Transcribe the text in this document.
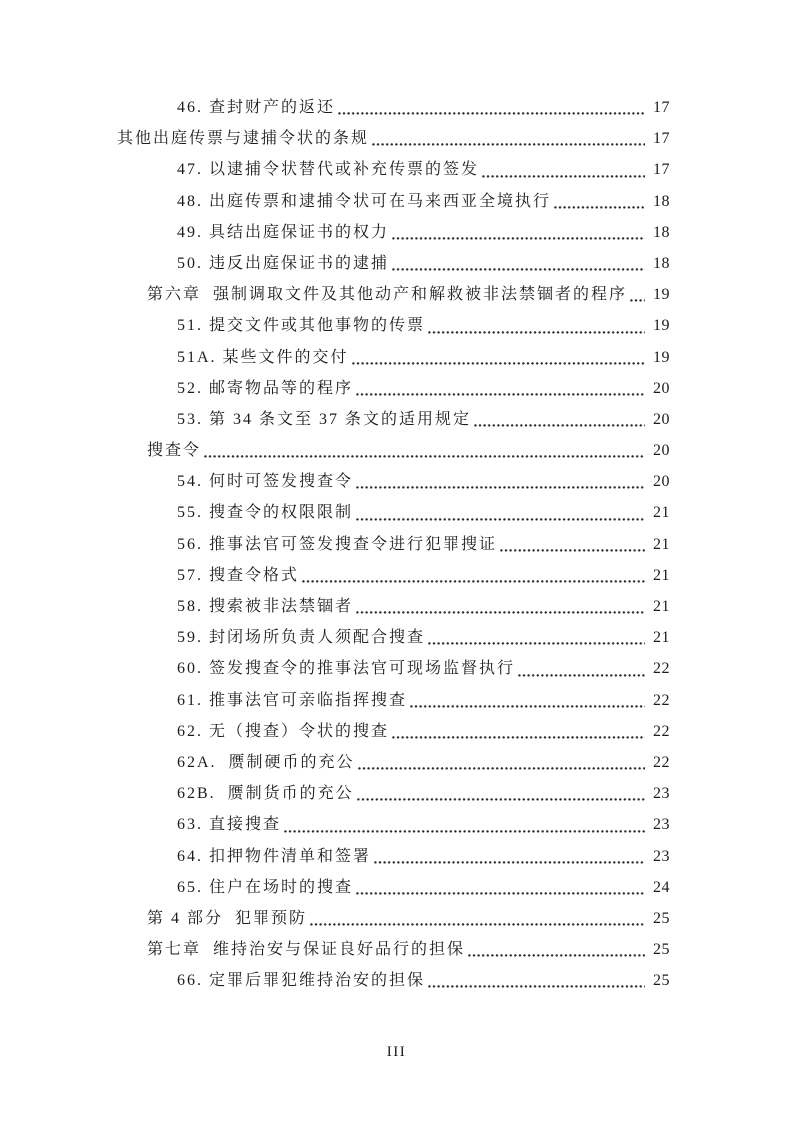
46. 查封财产的返还	17
其他出庭传票与逮捕令状的条规	17
47. 以逮捕令状替代或补充传票的签发	17
48. 出庭传票和逮捕令状可在马来西亚全境执行	18
49. 具结出庭保证书的权力	18
50. 违反出庭保证书的逮捕	18
第六章  强制调取文件及其他动产和解救被非法禁锢者的程序 19
51. 提交文件或其他事物的传票	19
51A. 某些文件的交付	19
52. 邮寄物品等的程序	20
53. 第 34 条文至 37 条文的适用规定	20
搜查令	20
54. 何时可签发搜查令	20
55. 搜查令的权限限制	21
56. 推事法官可签发搜查令进行犯罪搜证	21
57. 搜查令格式	21
58. 搜索被非法禁锢者	21
59. 封闭场所负责人须配合搜查	21
60. 签发搜查令的推事法官可现场监督执行	22
61. 推事法官可亲临指挥搜查	22
62. 无（搜查）令状的搜查	22
62A.  赝制硬币的充公	22
62B.  赝制货币的充公	23
63. 直接搜查	23
64. 扣押物件清单和签署	23
65. 住户在场时的搜查	24
第 4 部分  犯罪预防	25
第七章  维持治安与保证良好品行的担保	25
66. 定罪后罪犯维持治安的担保	25
III
